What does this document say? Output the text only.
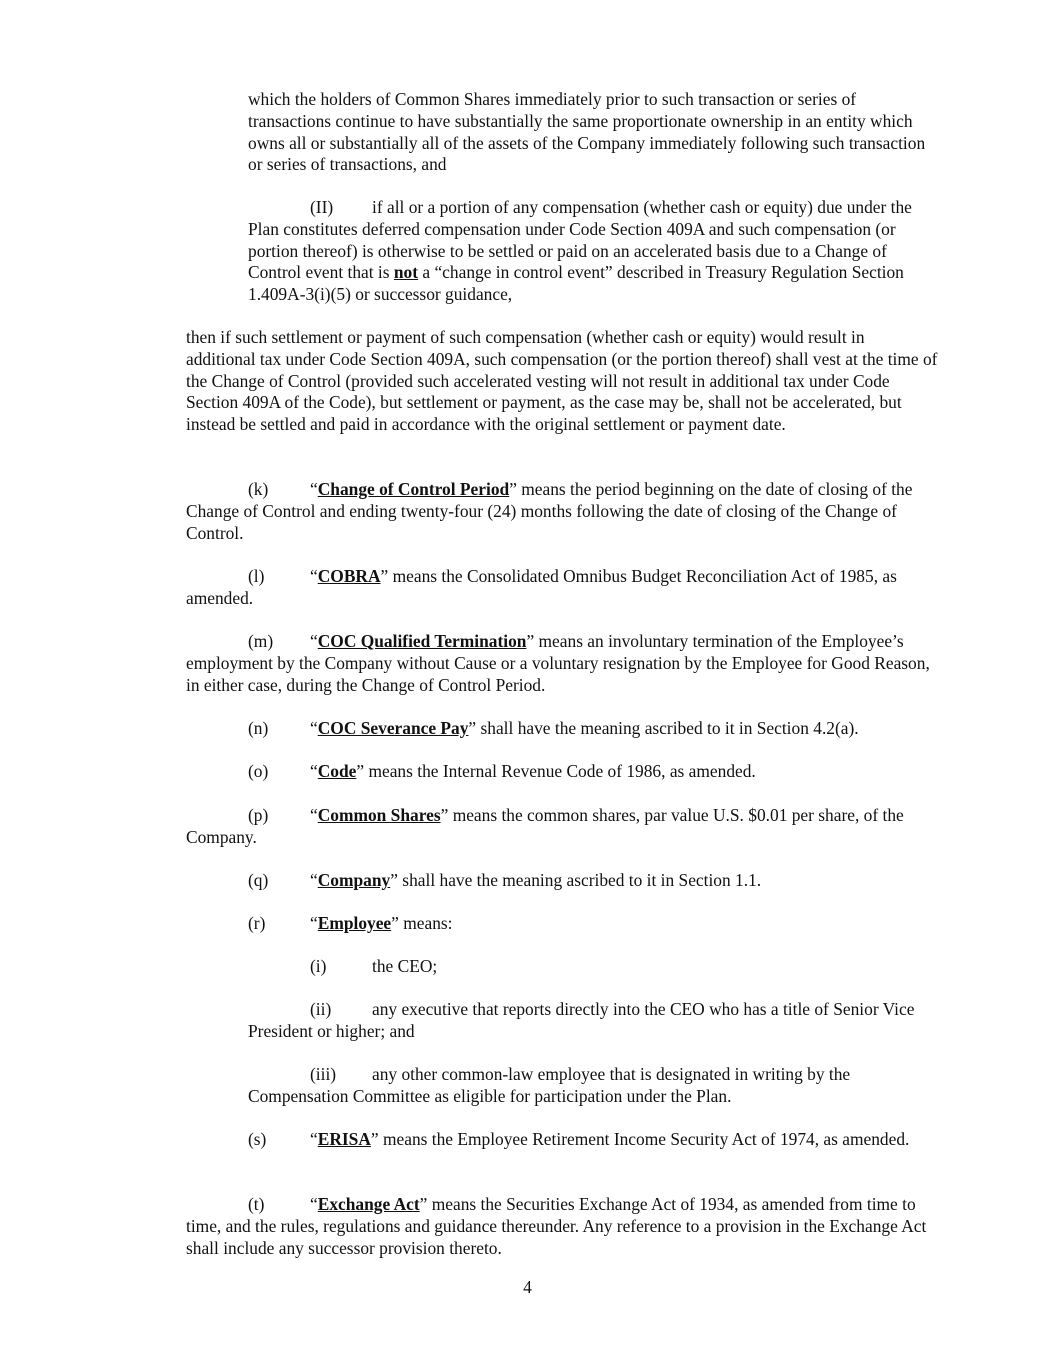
which the holders of Common Shares immediately prior to such transaction or series of transactions continue to have substantially the same proportionate ownership in an entity which owns all or substantially all of the assets of the Company immediately following such transaction or series of transactions, and

(II) if all or a portion of any compensation (whether cash or equity) due under the Plan constitutes deferred compensation under Code Section 409A and such compensation (or portion thereof) is otherwise to be settled or paid on an accelerated basis due to a Change of Control event that is not a “change in control event” described in Treasury Regulation Section 1.409A-3(i)(5) or successor guidance,

then if such settlement or payment of such compensation (whether cash or equity) would result in additional tax under Code Section 409A, such compensation (or the portion thereof) shall vest at the time of the Change of Control (provided such accelerated vesting will not result in additional tax under Code Section 409A of the Code), but settlement or payment, as the case may be, shall not be accelerated, but instead be settled and paid in accordance with the original settlement or payment date.

(k) “Change of Control Period” means the period beginning on the date of closing of the Change of Control and ending twenty-four (24) months following the date of closing of the Change of Control.

(l)	“COBRA” means the Consolidated Omnibus Budget Reconciliation Act of 1985, as amended.

(m) “COC Qualified Termination” means an involuntary termination of the Employee’s employment by the Company without Cause or a voluntary resignation by the Employee for Good Reason, in either case, during the Change of Control Period.

(n) “COC Severance Pay” shall have the meaning ascribed to it in Section 4.2(a).

(o) “Code” means the Internal Revenue Code of 1986, as amended.

(p) “Common Shares” means the common shares, par value U.S. $0.01 per share, of the Company.

(q) “Company” shall have the meaning ascribed to it in Section 1.1.

(r)	“Employee” means:

(i)	the CEO;

(ii) any executive that reports directly into the CEO who has a title of Senior Vice President or higher; and

(iii) any other common-law employee that is designated in writing by the Compensation Committee as eligible for participation under the Plan.

(s)	“ERISA” means the Employee Retirement Income Security Act of 1974, as amended.

(t)	“Exchange Act” means the Securities Exchange Act of 1934, as amended from time to time, and the rules, regulations and guidance thereunder. Any reference to a provision in the Exchange Act shall include any successor provision thereto.

4
